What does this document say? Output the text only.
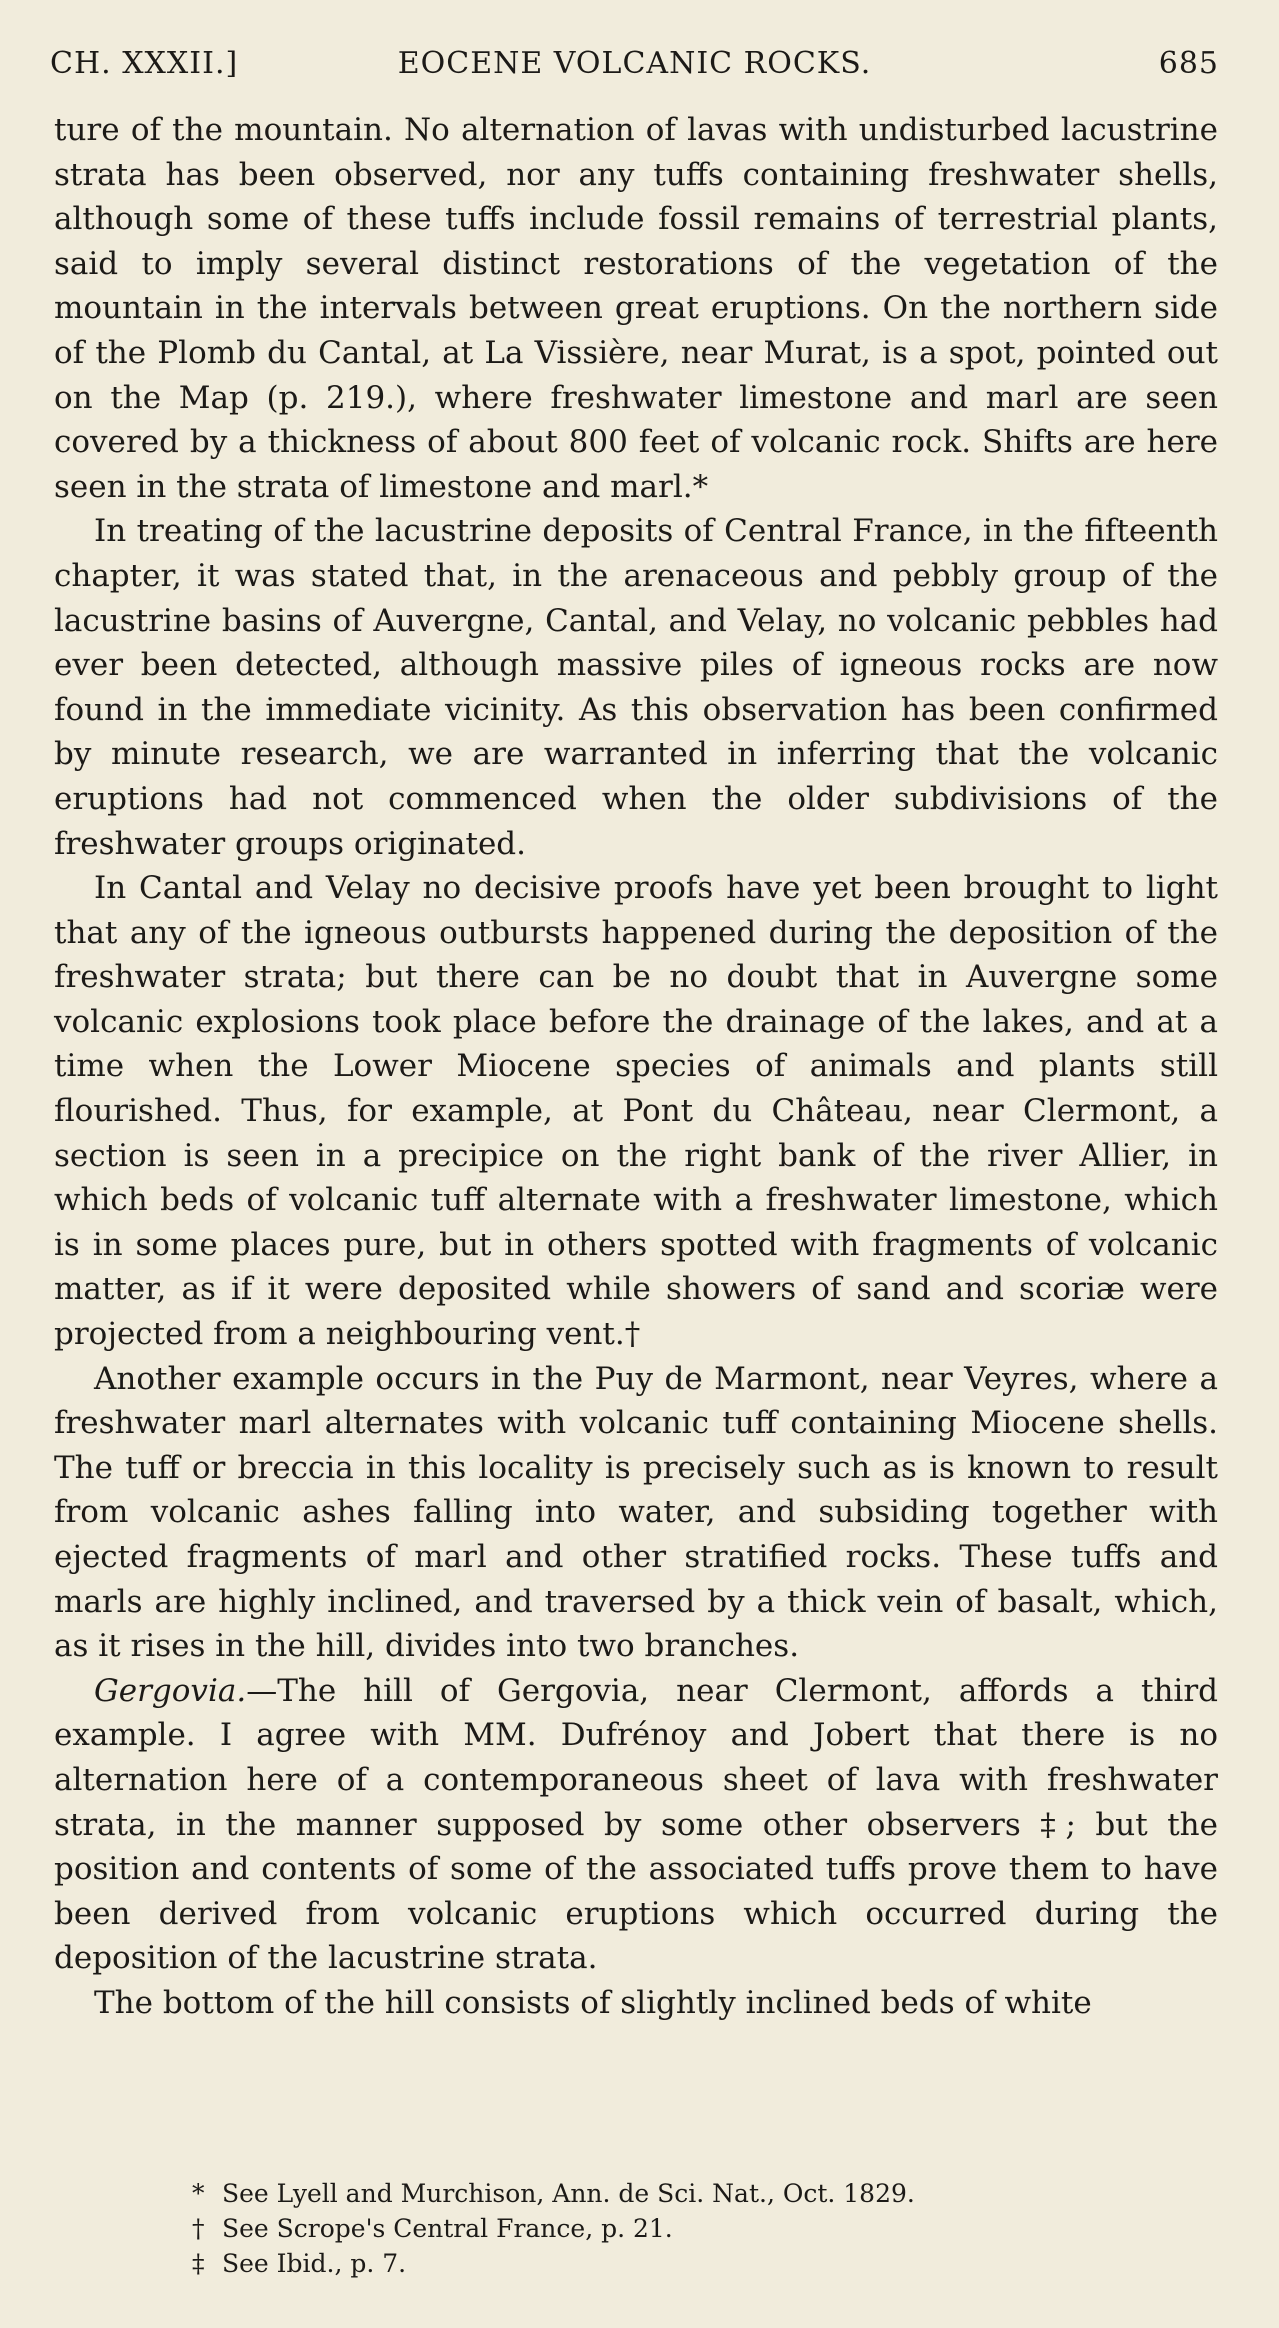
CH. XXXII.]	EOCENE VOLCANIC ROCKS.	685

ture of the mountain. No alternation of lavas with undisturbed lacustrine strata has been observed, nor any tuffs containing freshwater shells, although some of these tuffs include fossil remains of terrestrial plants, said to imply several distinct restorations of the vegetation of the mountain in the intervals between great eruptions. On the northern side of the Plomb du Cantal, at La Vissière, near Murat, is a spot, pointed out on the Map (p. 219.), where freshwater limestone and marl are seen covered by a thickness of about 800 feet of volcanic rock. Shifts are here seen in the strata of limestone and marl.*

In treating of the lacustrine deposits of Central France, in the fifteenth chapter, it was stated that, in the arenaceous and pebbly group of the lacustrine basins of Auvergne, Cantal, and Velay, no volcanic pebbles had ever been detected, although massive piles of igneous rocks are now found in the immediate vicinity. As this observation has been confirmed by minute research, we are warranted in inferring that the volcanic eruptions had not commenced when the older subdivisions of the freshwater groups originated.

In Cantal and Velay no decisive proofs have yet been brought to light that any of the igneous outbursts happened during the deposition of the freshwater strata; but there can be no doubt that in Auvergne some volcanic explosions took place before the drainage of the lakes, and at a time when the Lower Miocene species of animals and plants still flourished. Thus, for example, at Pont du Château, near Clermont, a section is seen in a precipice on the right bank of the river Allier, in which beds of volcanic tuff alternate with a freshwater limestone, which is in some places pure, but in others spotted with fragments of volcanic matter, as if it were deposited while showers of sand and scoriæ were projected from a neighbouring vent.†

Another example occurs in the Puy de Marmont, near Veyres, where a freshwater marl alternates with volcanic tuff containing Miocene shells. The tuff or breccia in this locality is precisely such as is known to result from volcanic ashes falling into water, and subsiding together with ejected fragments of marl and other stratified rocks. These tuffs and marls are highly inclined, and traversed by a thick vein of basalt, which, as it rises in the hill, divides into two branches.

Gergovia.—The hill of Gergovia, near Clermont, affords a third example. I agree with MM. Dufrénoy and Jobert that there is no alternation here of a contemporaneous sheet of lava with freshwater strata, in the manner supposed by some other observers ‡; but the position and contents of some of the associated tuffs prove them to have been derived from volcanic eruptions which occurred during the deposition of the lacustrine strata.

The bottom of the hill consists of slightly inclined beds of white

* See Lyell and Murchison, Ann. de Sci. Nat., Oct. 1829.
† See Scrope's Central France, p. 21.
‡ See Ibid., p. 7.
